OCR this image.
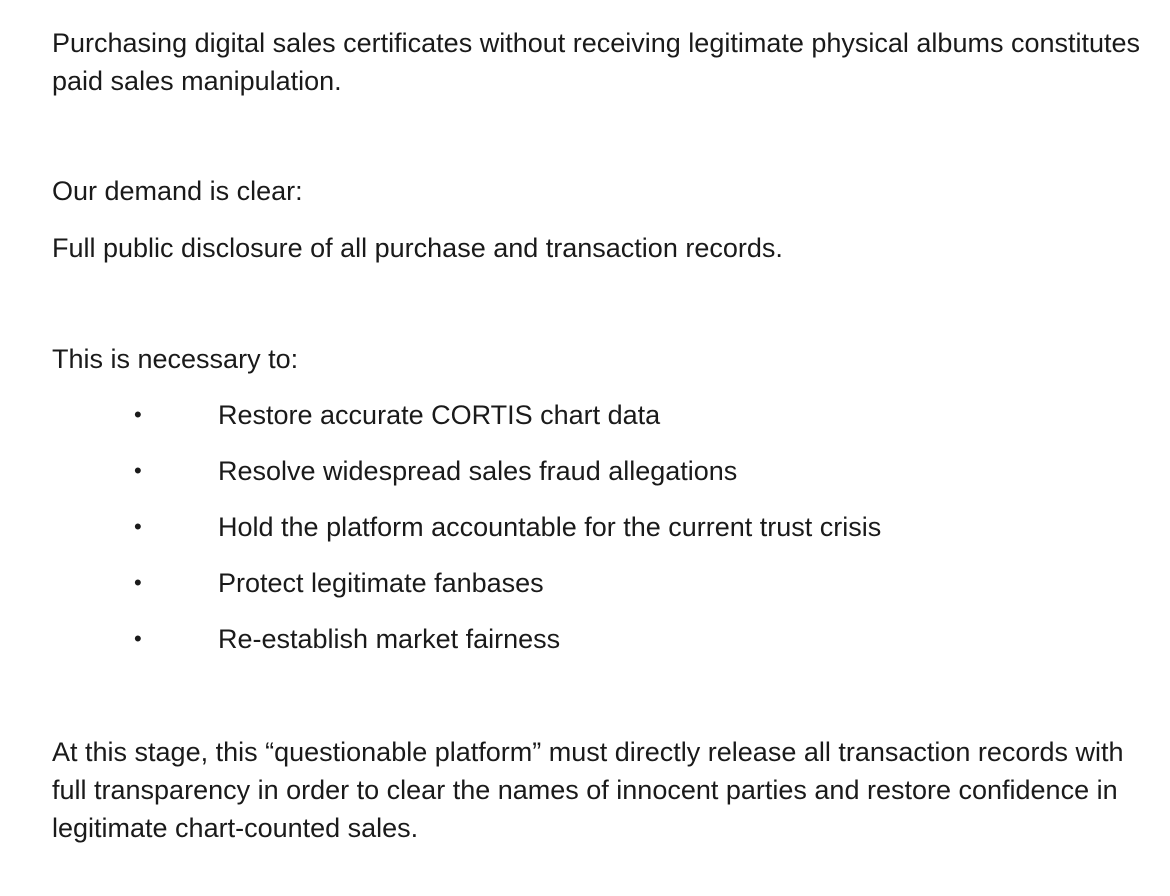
Purchasing digital sales certificates without receiving legitimate physical albums constitutes paid sales manipulation.

Our demand is clear:

Full public disclosure of all purchase and transaction records.

This is necessary to:

•	Restore accurate CORTIS chart data
•	Resolve widespread sales fraud allegations
•	Hold the platform accountable for the current trust crisis
•	Protect legitimate fanbases
•	Re-establish market fairness

At this stage, this “questionable platform” must directly release all transaction records with full transparency in order to clear the names of innocent parties and restore confidence in legitimate chart-counted sales.
